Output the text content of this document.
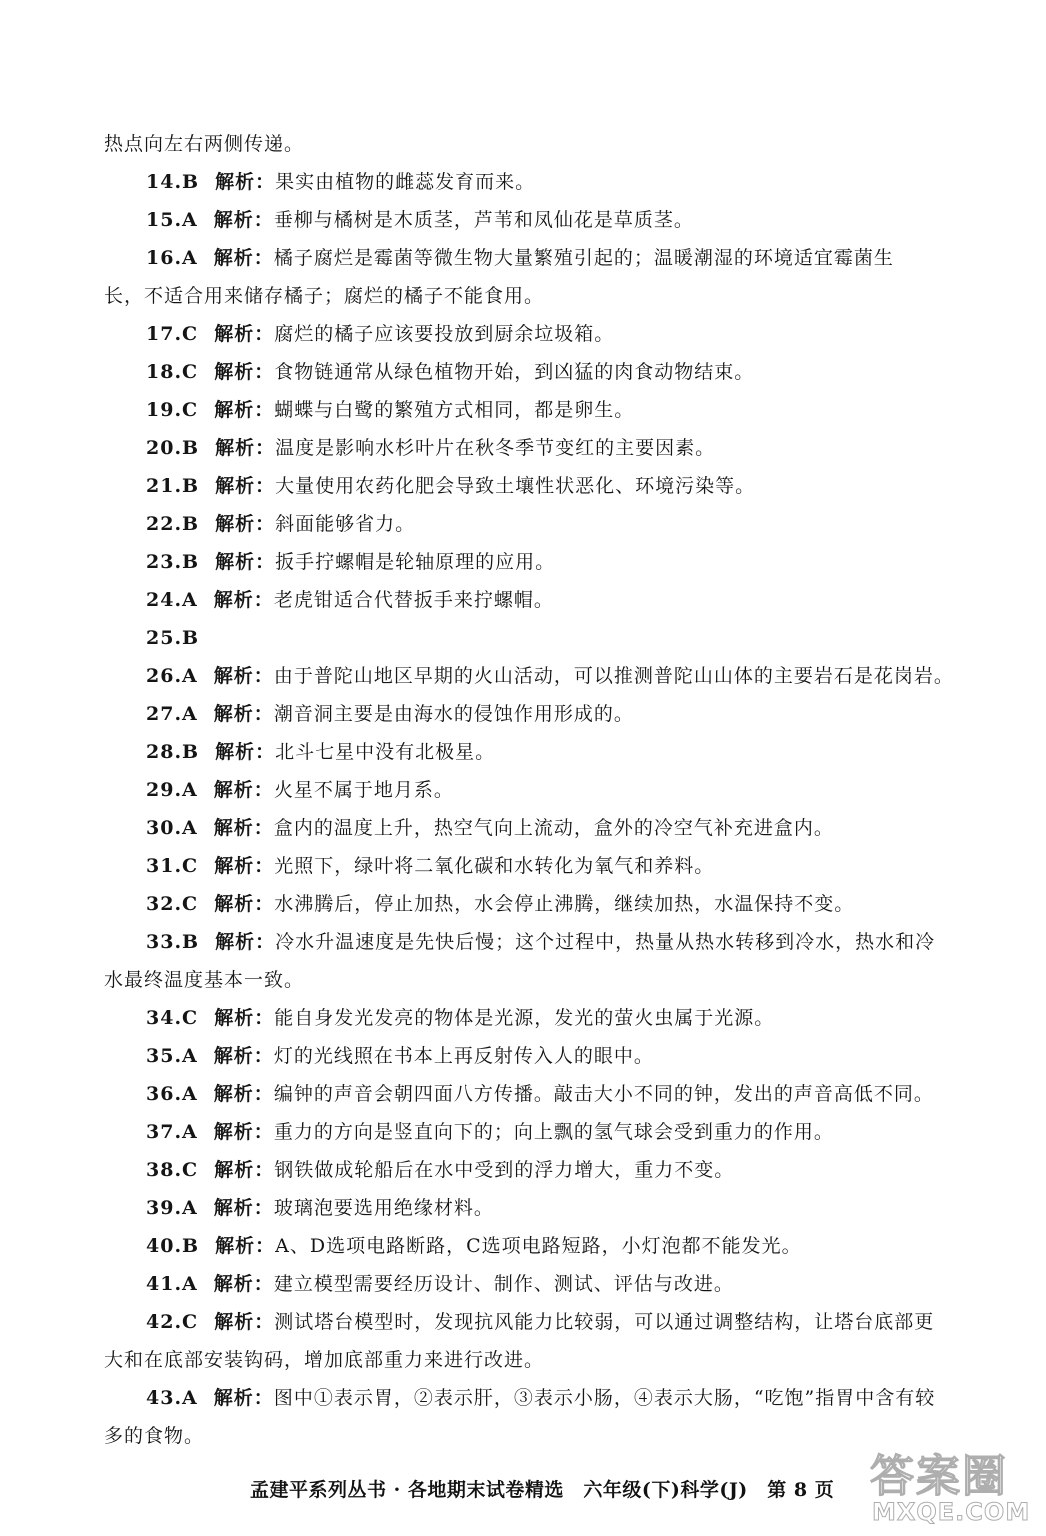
热点向左右两侧传递。
14.B 解析：果实由植物的雌蕊发育而来。
15.A 解析：垂柳与橘树是木质茎，芦苇和凤仙花是草质茎。
16.A 解析：橘子腐烂是霉菌等微生物大量繁殖引起的；温暖潮湿的环境适宜霉菌生
长，不适合用来储存橘子；腐烂的橘子不能食用。
17.C 解析：腐烂的橘子应该要投放到厨余垃圾箱。
18.C 解析：食物链通常从绿色植物开始，到凶猛的肉食动物结束。
19.C 解析：蝴蝶与白鹭的繁殖方式相同，都是卵生。
20.B 解析：温度是影响水杉叶片在秋冬季节变红的主要因素。
21.B 解析：大量使用农药化肥会导致土壤性状恶化、环境污染等。
22.B 解析：斜面能够省力。
23.B 解析：扳手拧螺帽是轮轴原理的应用。
24.A 解析：老虎钳适合代替扳手来拧螺帽。
25.B
26.A 解析：由于普陀山地区早期的火山活动，可以推测普陀山山体的主要岩石是花岗岩。
27.A 解析：潮音洞主要是由海水的侵蚀作用形成的。
28.B 解析：北斗七星中没有北极星。
29.A 解析：火星不属于地月系。
30.A 解析：盒内的温度上升，热空气向上流动，盒外的冷空气补充进盒内。
31.C 解析：光照下，绿叶将二氧化碳和水转化为氧气和养料。
32.C 解析：水沸腾后，停止加热，水会停止沸腾，继续加热，水温保持不变。
33.B 解析：冷水升温速度是先快后慢；这个过程中，热量从热水转移到冷水，热水和冷
水最终温度基本一致。
34.C 解析：能自身发光发亮的物体是光源，发光的萤火虫属于光源。
35.A 解析：灯的光线照在书本上再反射传入人的眼中。
36.A 解析：编钟的声音会朝四面八方传播。敲击大小不同的钟，发出的声音高低不同。
37.A 解析：重力的方向是竖直向下的；向上飘的氢气球会受到重力的作用。
38.C 解析：钢铁做成轮船后在水中受到的浮力增大，重力不变。
39.A 解析：玻璃泡要选用绝缘材料。
40.B 解析：A、D选项电路断路，C选项电路短路，小灯泡都不能发光。
41.A 解析：建立模型需要经历设计、制作、测试、评估与改进。
42.C 解析：测试塔台模型时，发现抗风能力比较弱，可以通过调整结构，让塔台底部更
大和在底部安装钩码，增加底部重力来进行改进。
43.A 解析：图中①表示胃，②表示肝，③表示小肠，④表示大肠，“吃饱”指胃中含有较
多的食物。
孟建平系列丛书 · 各地期末试卷精选　六年级(下)科学(J)　第 8 页 答案圈
MXQE.COM
